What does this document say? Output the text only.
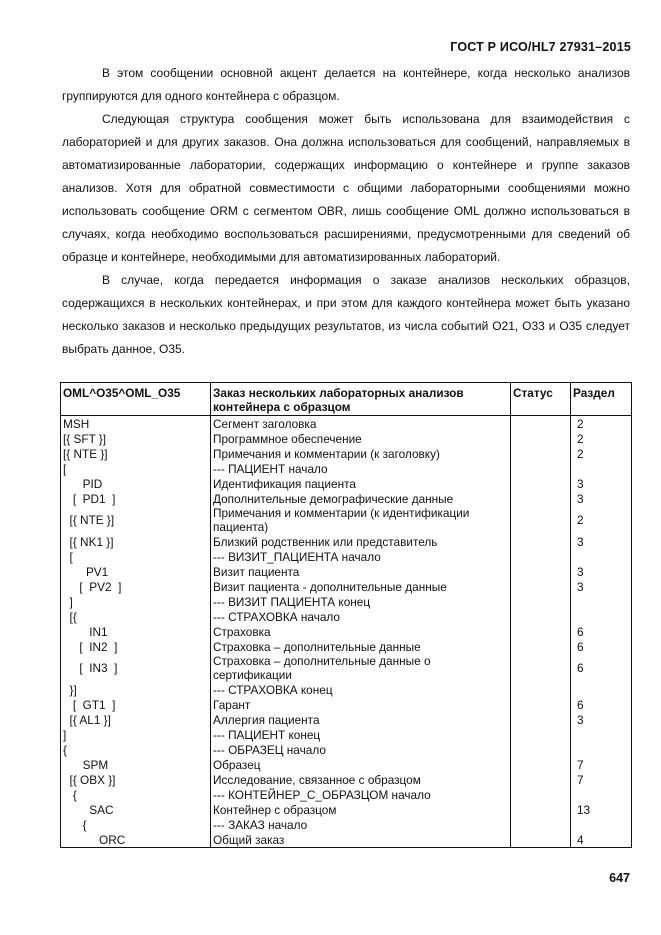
ГОСТ Р ИСО/HL7 27931–2015

В этом сообщении основной акцент делается на контейнере, когда несколько анализов группируются для одного контейнера с образцом.

Следующая структура сообщения может быть использована для взаимодействия с лабораторией и для других заказов. Она должна использоваться для сообщений, направляемых в автоматизированные лаборатории, содержащих информацию о контейнере и группе заказов анализов. Хотя для обратной совместимости с общими лабораторными сообщениями можно использовать сообщение ORM с сегментом OBR, лишь сообщение OML должно использоваться в случаях, когда необходимо воспользоваться расширениями, предусмотренными для сведений об образце и контейнере, необходимыми для автоматизированных лабораторий.

В случае, когда передается информация о заказе анализов нескольких образцов, содержащихся в нескольких контейнерах, и при этом для каждого контейнера может быть указано несколько заказов и несколько предыдущих результатов, из числа событий O21, O33 и O35 следует выбрать данное, O35.

OML^O35^OML_O35	Заказ нескольких лабораторных анализов контейнера с образцом	Статус	Раздел
MSH	Сегмент заголовка		2
[{ SFT }]	Программное обеспечение		2
[{ NTE }]	Примечания и комментарии (к заголовку)		2
[	--- ПАЦИЕНТ начало		
PID	Идентификация пациента		3
[  PD1  ]	Дополнительные демографические данные		3
[{ NTE }]	Примечания и комментарии (к идентификации пациента)		2
[{ NK1 }]	Близкий родственник или представитель		3
[	--- ВИЗИТ_ПАЦИЕНТА начало		
PV1	Визит пациента		3
[  PV2  ]	Визит пациента - дополнительные данные		3
]	--- ВИЗИТ ПАЦИЕНТА конец		
[{	--- СТРАХОВКА начало		
IN1	Страховка		6
[  IN2  ]	Страховка – дополнительные данные		6
[  IN3  ]	Страховка – дополнительные данные о сертификации		6
}]	--- СТРАХОВКА конец		
[  GT1  ]	Гарант		6
[{ AL1 }]	Аллергия пациента		3
]	--- ПАЦИЕНТ конец		
{	--- ОБРАЗЕЦ начало		
SPM	Образец		7
[{ OBX }]	Исследование, связанное с образцом		7
{	--- КОНТЕЙНЕР_С_ОБРАЗЦОМ начало		
SAC	Контейнер с образцом		13
{	--- ЗАКАЗ начало		
ORC	Общий заказ		4
647
